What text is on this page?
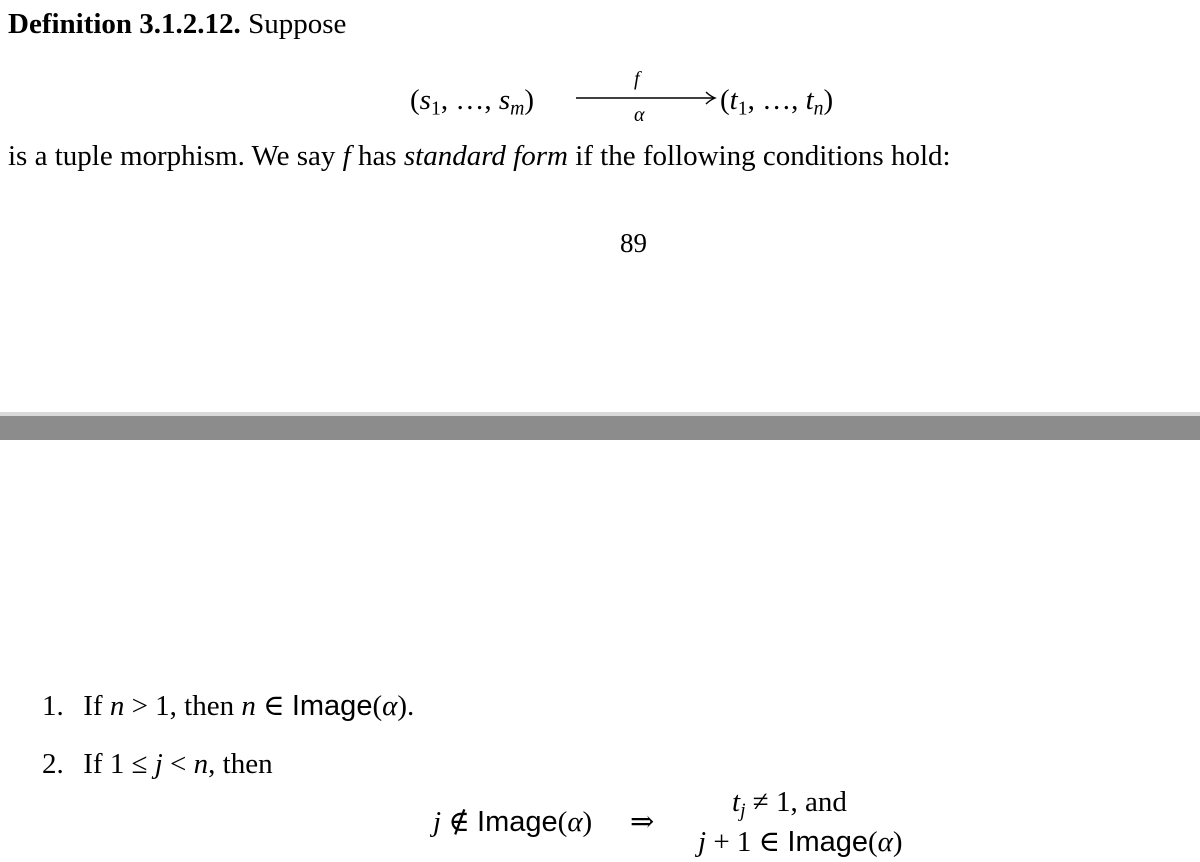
Definition 3.1.2.12. Suppose
($s_1$, …, $s_m$)
f
α	($t_1$, …, $t_n$)
is a tuple morphism. We say f has standard form if the following conditions hold:
89
1. If n > 1, then n ∈ Image(α).
2. If 1 ≤ j < n, then
j ∉ Image(α) ⇒
$t_j \ne 1$, and
j + 1 ∈ Image(α)
